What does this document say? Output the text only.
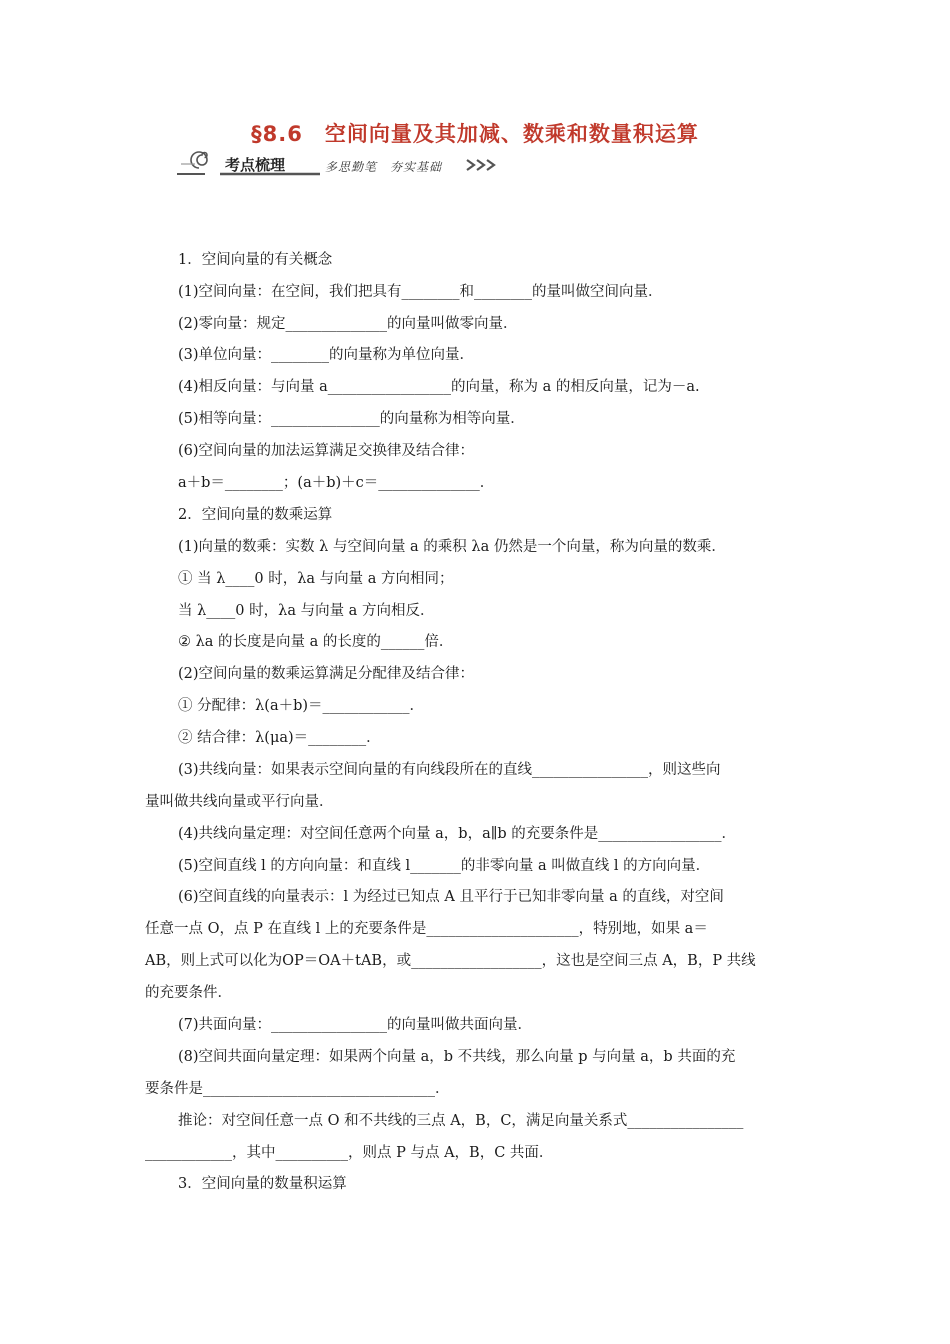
§8.6　空间向量及其加减、数乘和数量积运算
考点梳理	多思勤笔　夯实基础
1．空间向量的有关概念
(1)空间向量：在空间，我们把具有________和________的量叫做空间向量．
(2)零向量：规定______________的向量叫做零向量．
(3)单位向量：________的向量称为单位向量．
(4)相反向量：与向量 a_________________的向量，称为 a 的相反向量，记为－a.
(5)相等向量：_______________的向量称为相等向量．
(6)空间向量的加法运算满足交换律及结合律：
a＋b＝________；(a＋b)＋c＝______________．
2．空间向量的数乘运算
(1)向量的数乘：实数 λ 与空间向量 a 的乘积 λa 仍然是一个向量，称为向量的数乘．
① 当 λ____0 时，λa 与向量 a 方向相同；
当 λ____0 时，λa 与向量 a 方向相反．
② λa 的长度是向量 a 的长度的______倍．
(2)空间向量的数乘运算满足分配律及结合律：
① 分配律：λ(a＋b)＝____________．
② 结合律：λ(μa)＝________．
(3)共线向量：如果表示空间向量的有向线段所在的直线________________，则这些向
量叫做共线向量或平行向量．
(4)共线向量定理：对空间任意两个向量 a，b，a∥b 的充要条件是_________________．
(5)空间直线 l 的方向向量：和直线 l_______的非零向量 a 叫做直线 l 的方向向量．
(6)空间直线的向量表示：l 为经过已知点 A 且平行于已知非零向量 a 的直线，对空间
任意一点 O，点 P 在直线 l 上的充要条件是_____________________，特别地，如果 a＝
AB，则上式可以化为OP＝OA＋tAB，或__________________，这也是空间三点 A，B，P 共线
的充要条件．
(7)共面向量：________________的向量叫做共面向量．
(8)空间共面向量定理：如果两个向量 a，b 不共线，那么向量 p 与向量 a，b 共面的充
要条件是________________________________．
推论：对空间任意一点 O 和不共线的三点 A，B，C，满足向量关系式________________
____________，其中__________，则点 P 与点 A，B，C 共面．
3．空间向量的数量积运算
